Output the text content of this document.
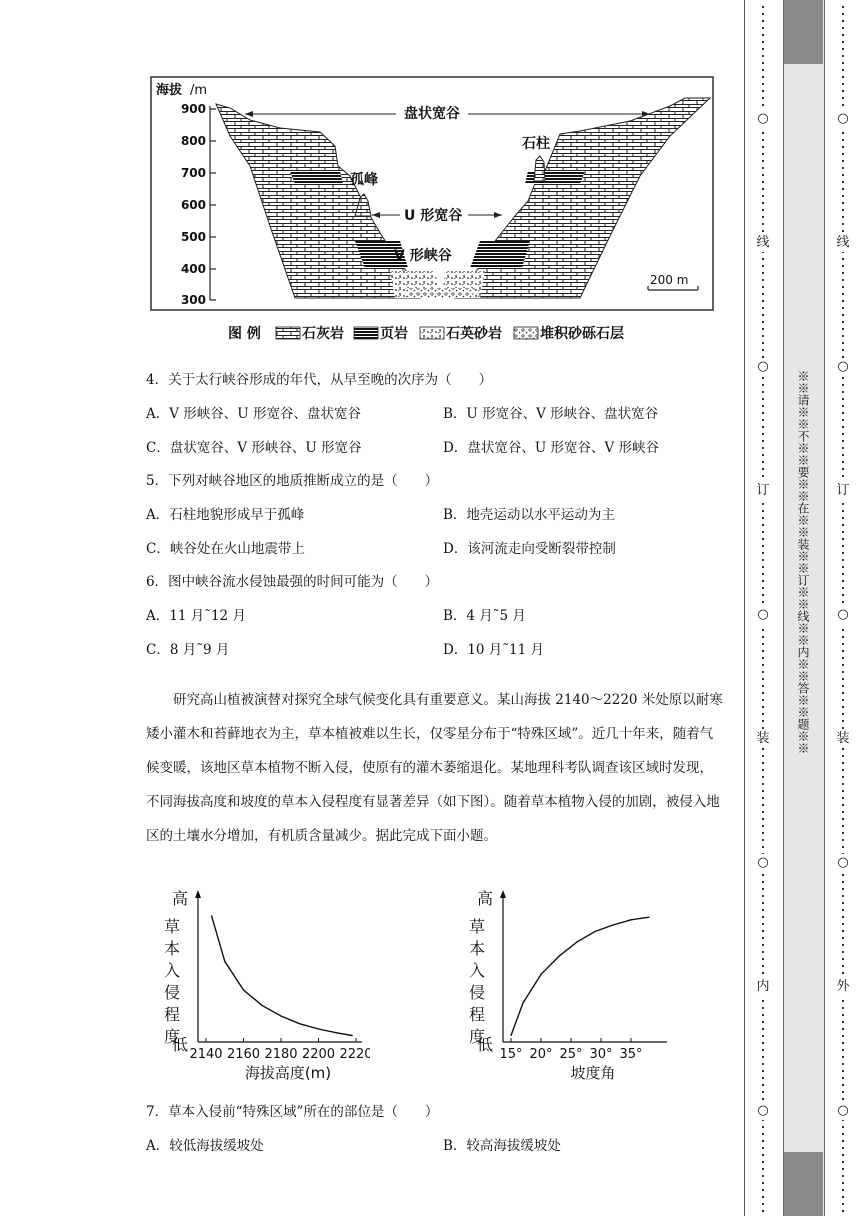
海拔 /m
900
800
700
600
500
400
300
盘状宽谷
石柱
孤峰
U 形宽谷
V 形峡谷
200 m
图 例	石灰岩	页岩	石英砂岩	堆积砂砾石层
4．关于太行峡谷形成的年代，从早至晚的次序为（　　）
A．V 形峡谷、U 形宽谷、盘状宽谷	B．U 形宽谷、V 形峡谷、盘状宽谷
C．盘状宽谷、V 形峡谷、U 形宽谷	D．盘状宽谷、U 形宽谷、V 形峡谷
5．下列对峡谷地区的地质推断成立的是（　　）
A．石柱地貌形成早于孤峰	B．地壳运动以水平运动为主
C．峡谷处在火山地震带上	D．该河流走向受断裂带控制
6．图中峡谷流水侵蚀最强的时间可能为（　　）
A．11 月˜12 月	B．4 月˜5 月
C．8 月˜9 月	D．10 月˜11 月
研究高山植被演替对探究全球气候变化具有重要意义。某山海拔 2140～2220 米处原以耐寒矮小灌木和苔藓地衣为主，草本植被难以生长，仅零星分布于“特殊区域”。近几十年来，随着气候变暖，该地区草本植物不断入侵，使原有的灌木萎缩退化。某地理科考队调查该区域时发现，不同海拔高度和坡度的草本入侵程度有显著差异（如下图）。随着草本植物入侵的加剧，被侵入地区的土壤水分增加，有机质含量减少。据此完成下面小题。
草
本
入
侵
程
度
高
低
2140 2160 2180 2200 2220
海拔高度(m)
草
本
入
侵
程
度
高
低
15° 20° 25° 30° 35°
坡度角
7．草本入侵前“特殊区域”所在的部位是（　　）
A．较低海拔缓坡处	B．较高海拔缓坡处
※※请※※不※※要※※在※※装※※订※※线※※内※※答※※题※※
○
线
○
订
○
装
○
内
○
○
线
○
订
○
装
○
外
○
